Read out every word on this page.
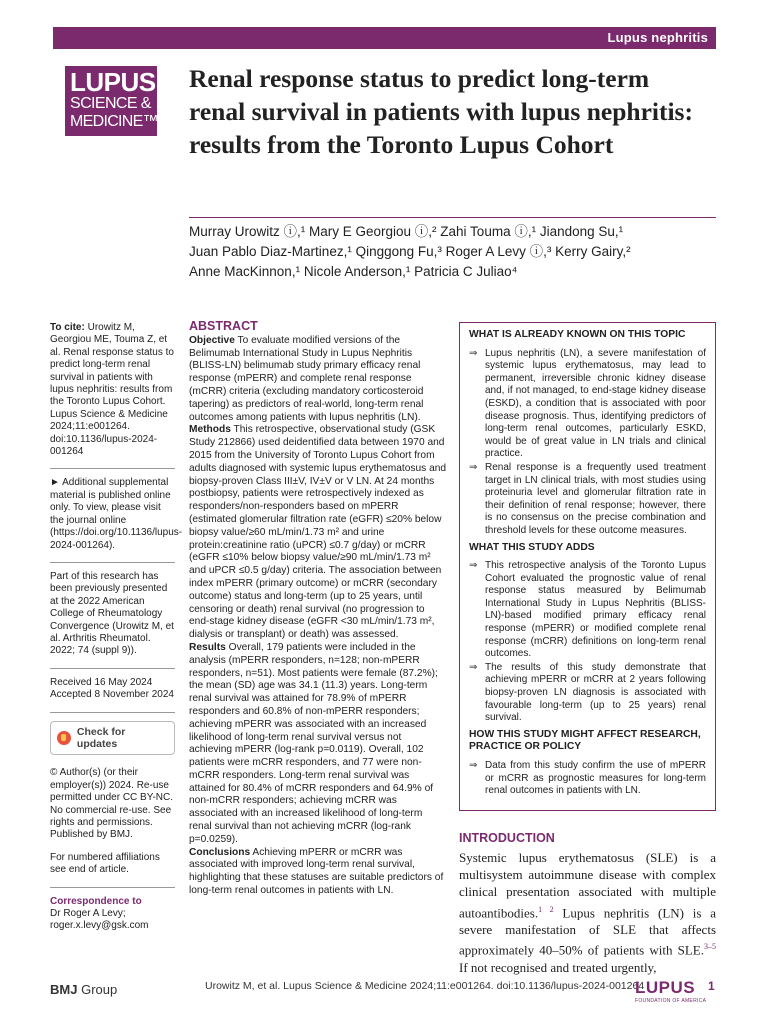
Lupus nephritis
LUPUS
SCIENCE &
MEDICINE™
Renal response status to predict long-term renal survival in patients with lupus nephritis: results from the Toronto Lupus Cohort
Murray Urowitz ⓘ,¹ Mary E Georgiou ⓘ,² Zahi Touma ⓘ,¹ Jiandong Su,¹
Juan Pablo Diaz-Martinez,¹ Qinggong Fu,³ Roger A Levy ⓘ,³ Kerry Gairy,²
Anne MacKinnon,¹ Nicole Anderson,¹ Patricia C Juliao⁴

To cite: Urowitz M, Georgiou ME, Touma Z, et al. Renal response status to predict long-term renal survival in patients with lupus nephritis: results from the Toronto Lupus Cohort. Lupus Science & Medicine 2024;11:e001264. doi:10.1136/lupus-2024-001264

► Additional supplemental material is published online only. To view, please visit the journal online (https://doi.org/10.1136/lupus-2024-001264).

Part of this research has been previously presented at the 2022 American College of Rheumatology Convergence (Urowitz M, et al. Arthritis Rheumatol. 2022; 74 (suppl 9)).

Received 16 May 2024

Accepted 8 November 2024

Check for updates

© Author(s) (or their employer(s)) 2024. Re-use permitted under CC BY-NC. No commercial re-use. See rights and permissions. Published by BMJ.

For numbered affiliations see end of article.

Correspondence to
Dr Roger A Levy; roger.x.levy@gsk.com
ABSTRACT
Objective To evaluate modified versions of the Belimumab International Study in Lupus Nephritis (BLISS-LN) belimumab study primary efficacy renal response (mPERR) and complete renal response (mCRR) criteria (excluding mandatory corticosteroid tapering) as predictors of real-world, long-term renal outcomes among patients with lupus nephritis (LN).
Methods This retrospective, observational study (GSK Study 212866) used deidentified data between 1970 and 2015 from the University of Toronto Lupus Cohort from adults diagnosed with systemic lupus erythematosus and biopsy-proven Class III±V, IV±V or V LN. At 24 months postbiopsy, patients were retrospectively indexed as responders/non-responders based on mPERR (estimated glomerular filtration rate (eGFR) ≤20% below biopsy value/≥60 mL/min/1.73 m² and urine protein:creatinine ratio (uPCR) ≤0.7 g/day) or mCRR (eGFR ≤10% below biopsy value/≥90 mL/min/1.73 m² and uPCR ≤0.5 g/day) criteria. The association between index mPERR (primary outcome) or mCRR (secondary outcome) status and long-term (up to 25 years, until censoring or death) renal survival (no progression to end-stage kidney disease (eGFR <30 mL/min/1.73 m², dialysis or transplant) or death) was assessed.
Results Overall, 179 patients were included in the analysis (mPERR responders, n=128; non-mPERR responders, n=51). Most patients were female (87.2%); the mean (SD) age was 34.1 (11.3) years. Long-term renal survival was attained for 78.9% of mPERR responders and 60.8% of non-mPERR responders; achieving mPERR was associated with an increased likelihood of long-term renal survival versus not achieving mPERR (log-rank p=0.0119). Overall, 102 patients were mCRR responders, and 77 were non-mCRR responders. Long-term renal survival was attained for 80.4% of mCRR responders and 64.9% of non-mCRR responders; achieving mCRR was associated with an increased likelihood of long-term renal survival than not achieving mCRR (log-rank p=0.0259).
Conclusions Achieving mPERR or mCRR was associated with improved long-term renal survival, highlighting that these statuses are suitable predictors of long-term renal outcomes in patients with LN.
WHAT IS ALREADY KNOWN ON THIS TOPIC
⇒ Lupus nephritis (LN), a severe manifestation of systemic lupus erythematosus, may lead to permanent, irreversible chronic kidney disease and, if not managed, to end-stage kidney disease (ESKD), a condition that is associated with poor disease prognosis. Thus, identifying predictors of long-term renal outcomes, particularly ESKD, would be of great value in LN trials and clinical practice.
⇒ Renal response is a frequently used treatment target in LN clinical trials, with most studies using proteinuria level and glomerular filtration rate in their definition of renal response; however, there is no consensus on the precise combination and threshold levels for these outcome measures.
WHAT THIS STUDY ADDS
⇒ This retrospective analysis of the Toronto Lupus Cohort evaluated the prognostic value of renal response status measured by Belimumab International Study in Lupus Nephritis (BLISS-LN)-based modified primary efficacy renal response (mPERR) or modified complete renal response (mCRR) definitions on long-term renal outcomes.
⇒ The results of this study demonstrate that achieving mPERR or mCRR at 2 years following biopsy-proven LN diagnosis is associated with favourable long-term (up to 25 years) renal survival.
HOW THIS STUDY MIGHT AFFECT RESEARCH, PRACTICE OR POLICY
⇒ Data from this study confirm the use of mPERR or mCRR as prognostic measures for long-term renal outcomes in patients with LN.
INTRODUCTION
Systemic lupus erythematosus (SLE) is a multisystem autoimmune disease with complex clinical presentation associated with multiple autoantibodies.$^{1 2}$ Lupus nephritis (LN) is a severe manifestation of SLE that affects approximately 40–50% of patients with SLE.$^{3-5}$ If not recognised and treated urgently,
BMJ Group	Urowitz M, et al. Lupus Science & Medicine 2024;11:e001264. doi:10.1136/lupus-2024-001264
LUPUS
FOUNDATION OF AMERICA
1
